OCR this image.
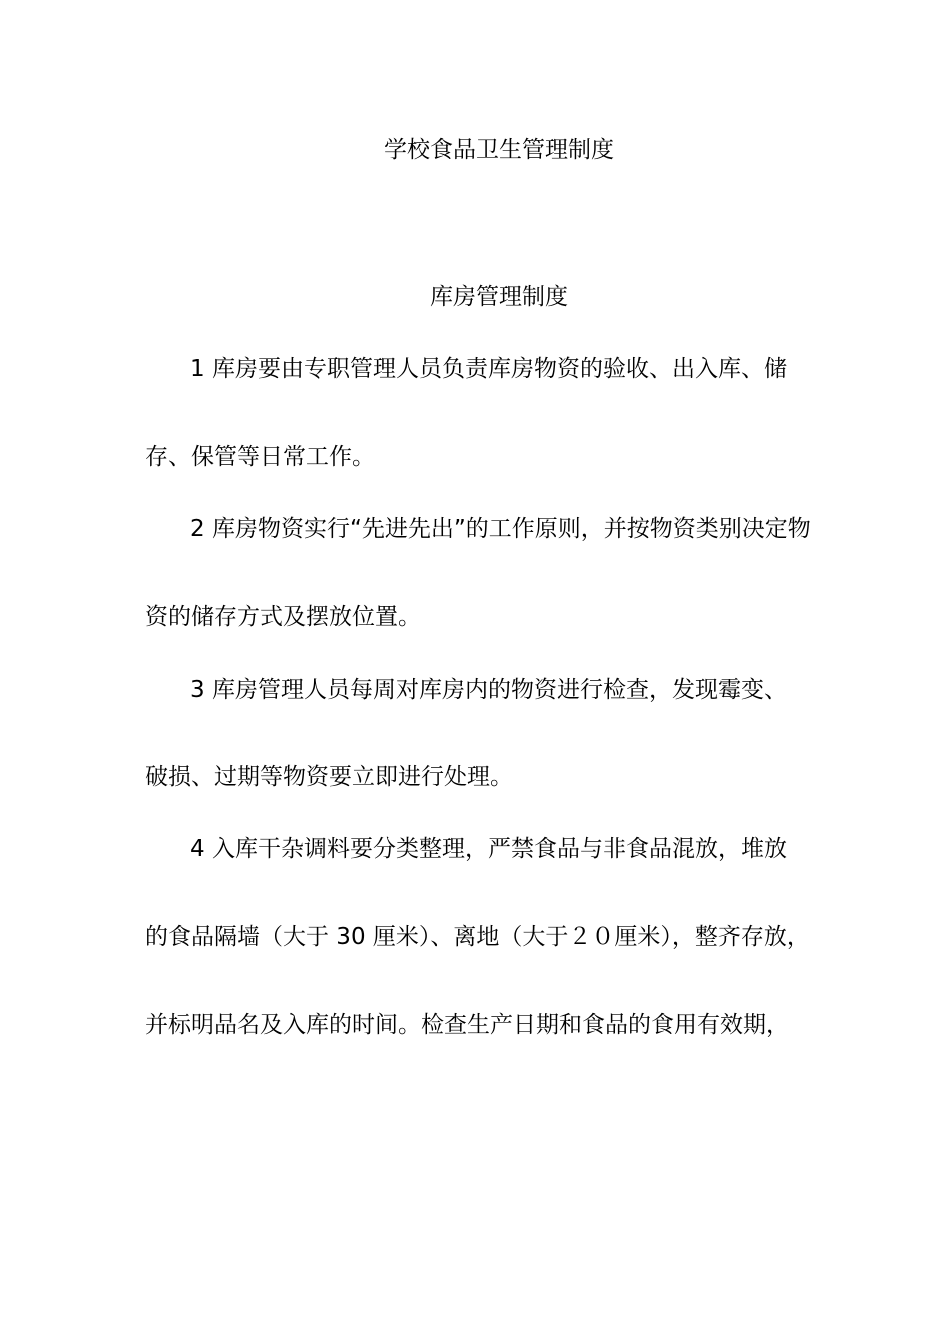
学校食品卫生管理制度
库房管理制度
1 库房要由专职管理人员负责库房物资的验收、出入库、储
存、保管等日常工作。
2 库房物资实行“先进先出”的工作原则，并按物资类别决定物
资的储存方式及摆放位置。
3 库房管理人员每周对库房内的物资进行检查，发现霉变、
破损、过期等物资要立即进行处理。
4 入库干杂调料要分类整理，严禁食品与非食品混放，堆放
的食品隔墙（大于 30 厘米）、离地（大于２０厘米），整齐存放，
并标明品名及入库的时间。检查生产日期和食品的食用有效期，
